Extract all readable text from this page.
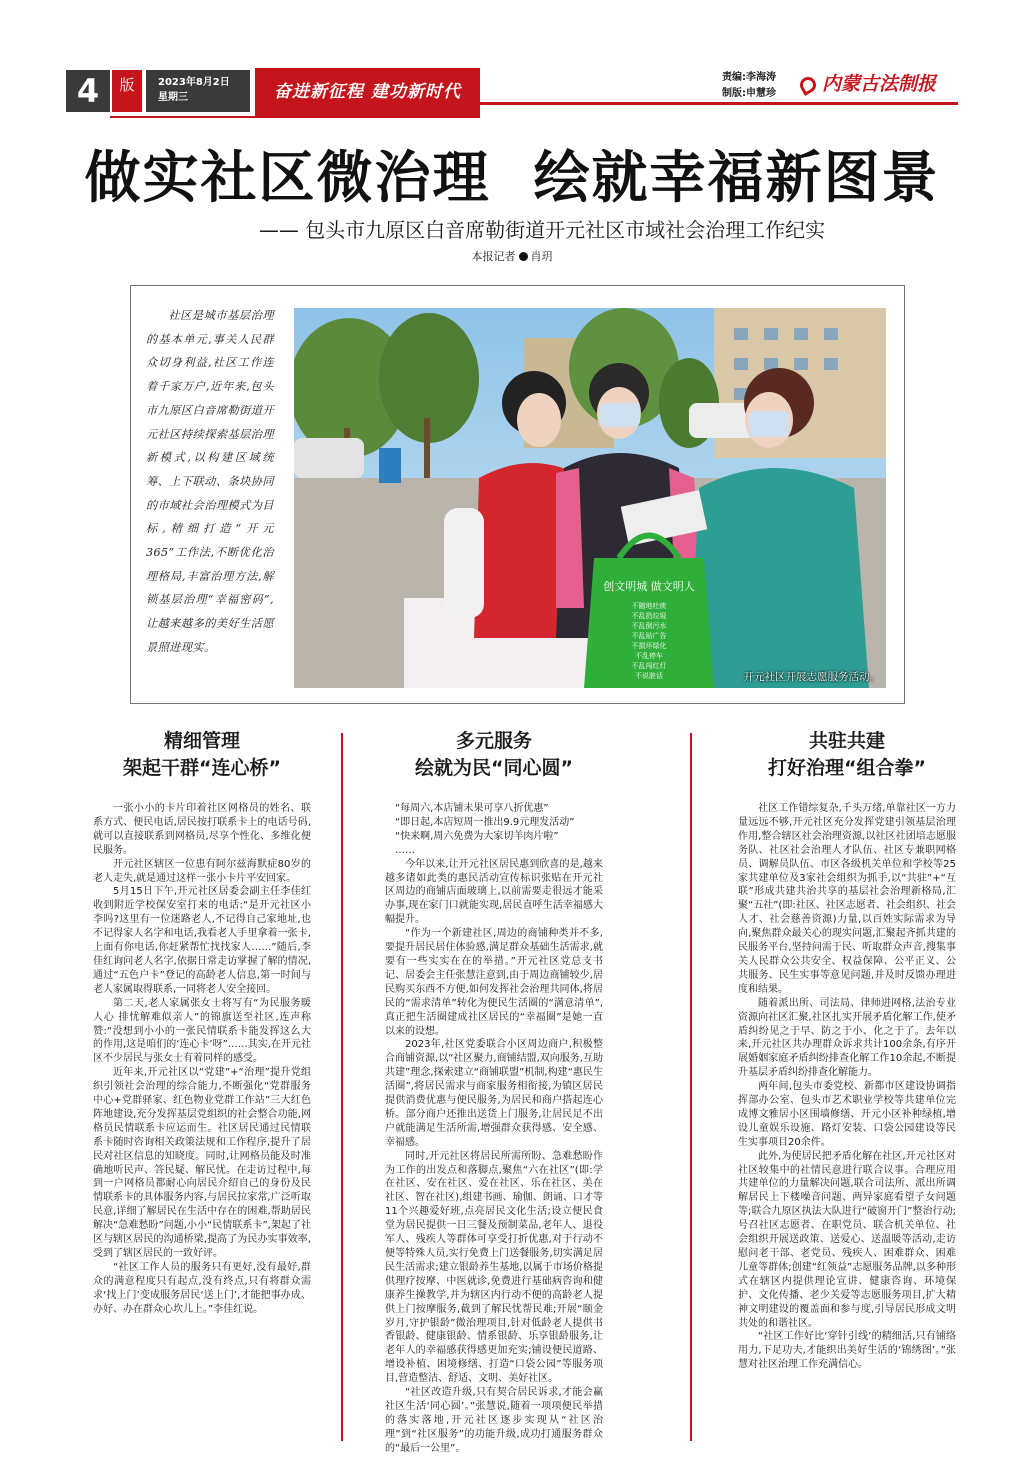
4	版	2023年8月2日
星期三	奋进新征程 建功新时代
责编:李海涛
制版:申慧珍	内蒙古法制报
做实社区微治理  绘就幸福新图景
—— 包头市九原区白音席勒街道开元社区市域社会治理工作纪实
本报记者 肖玥

社区是城市基层治理的基本单元,事关人民群众切身利益,社区工作连着千家万户,近年来,包头市九原区白音席勒街道开元社区持续探索基层治理新模式,以构建区域统筹、上下联动、条块协同的市域社会治理模式为目标,精细打造“开元365”工作法,不断优化治理格局,丰富治理方法,解锁基层治理“幸福密码”,让越来越多的美好生活愿景照进现实。

创文明城 做文明人
不随地吐痰
不乱扔垃圾
不乱倒污水
不乱贴广告
不损坏绿化
不乱停车
不乱闯红灯
不说脏话	开元社区开展志愿服务活动。
精细管理
架起干群“连心桥”

一张小小的卡片印着社区网格员的姓名、联系方式、便民电话,居民按打联系卡上的电话号码,就可以直接联系到网格员,尽享个性化、多维化便民服务。

开元社区辖区一位患有阿尔兹海默症80岁的老人走失,就是通过这样一张小卡片平安回家。

5月15日下午,开元社区居委会副主任李佳红收到附近学校保安室打来的电话:“是开元社区小李吗?这里有一位迷路老人,不记得自己家地址,也不记得家人名字和电话,我看老人手里拿着一张卡,上面有你电话,你赶紧帮忙找找家人……”随后,李佳红询问老人名字,依据日常走访掌握了解的情况,通过“五色户卡”登记的高龄老人信息,第一时间与老人家属取得联系,一同将老人安全接回。

第二天,老人家属张女士将写有“为民服务暖人心 排忧解难似亲人”的锦旗送至社区,连声称赞:“没想到小小的一张民情联系卡能发挥这么大的作用,这是咱们的‘连心卡’呀”……其实,在开元社区不少居民与张女士有着同样的感受。

近年来,开元社区以“党建”+“治理”提升党组织引领社会治理的综合能力,不断强化“党群服务中心+党群驿家、红色物业党群工作站”三大红色阵地建设,充分发挥基层党组织的社会整合功能,网格员民情联系卡应运而生。社区居民通过民情联系卡随时咨询相关政策法规和工作程序,提升了居民对社区信息的知晓度。同时,让网格员能及时准确地听民声、答民疑、解民忧。在走访过程中,每到一户网格员都耐心向居民介绍自己的身份及民情联系卡的具体服务内容,与居民拉家常,广泛听取民意,详细了解居民在生活中存在的困难,帮助居民解决“急难愁盼”问题,小小“民情联系卡”,架起了社区与辖区居民的沟通桥梁,提高了为民办实事效率,受到了辖区居民的一致好评。

“社区工作人员的服务只有更好,没有最好,群众的满意程度只有起点,没有终点,只有将群众需求‘找上门’变成服务居民‘送上门’,才能把事办成、办好、办在群众心坎儿上。”李佳红说。

多元服务
绘就为民“同心圆”

“每周六,本店铺未果可享八折优惠”

“即日起,本店短周一推出9.9元理发活动”

“快来啊,周六免费为大家切羊肉片啦”

……

今年以来,让开元社区居民惠到欣喜的是,越来越多诸如此类的惠民活动宣传标识张贴在开元社区周边的商铺店面玻璃上,以前需要走很远才能采办事,现在家门口就能实现,居民直呼生活幸福感大幅提升。

“作为一个新建社区,周边的商铺种类并不多,要提升居民居住体验感,满足群众基础生活需求,就要有一些实实在在的举措。”开元社区党总支书记、居委会主任张慧注意到,由于周边商铺较少,居民购买东西不方便,如何发挥社会治理共同体,将居民的“需求清单”转化为便民生活圈的“满意清单”,真正把生活圈建成社区居民的“幸福圈”是她一直以来的设想。

2023年,社区党委联合小区周边商户,积极整合商铺资源,以“社区聚力,商铺结盟,双向服务,互助共建”理念,探索建立“商铺联盟”机制,构建“惠民生活圈”,将居民需求与商家服务相衔接,为镇区居民提供消费优惠与便民服务,为居民和商户搭起连心桥。部分商户还推出送货上门服务,让居民足不出户就能满足生活所需,增强群众获得感、安全感、幸福感。

同时,开元社区将居民所需所盼、急难愁盼作为工作的出发点和落脚点,聚焦“六在社区”(即:学在社区、安在社区、爱在社区、乐在社区、美在社区、智在社区),组建书画、瑜伽、朗诵、口才等11个兴趣爱好班,点亮居民文化生活;设立便民食堂为居民提供一日三餐及预制菜品,老年人、退役军人、残疾人等群体可享受打折优惠,对于行动不便等特殊人员,实行免费上门送餐服务,切实满足居民生活需求;建立银龄养生基地,以属于市场价格提供理疗按摩、中医就诊,免费进行基础病咨询和健康养生操教学,并为辖区内行动不便的高龄老人提供上门按摩服务,截到了解民忧帮民难;开展“颐金岁月,守护银龄”微治理项目,针对低龄老人提供书香银龄、健康银龄、情系银龄、乐享银龄服务,让老年人的幸福感获得感更加充实;铺设便民道路、增设补植、困境修缮、打造“口袋公园”等服务项目,营造整洁、舒适、文明、美好社区。

“社区改造升级,只有契合居民诉求,才能会赢社区生活‘同心圆’。”张慧说,随着一项项便民举措的落实落地,开元社区逐步实现从“社区治理”到“社区服务”的功能升级,成功打通服务群众的“最后一公里”。

共驻共建
打好治理“组合拳”

社区工作错综复杂,千头万绪,单靠社区一方力量远远不够,开元社区充分发挥党建引领基层治理作用,整合辖区社会治理资源,以社区社团培志愿服务队、社区社会治理人才队伍、社区专兼职网格员、调解员队伍、市区各级机关单位和学校等25家共建单位及3家社会组织为抓手,以“共驻”+“互联”形成共建共治共享的基层社会治理新格局,汇聚“五社”(即:社区、社区志愿者、社会组织、社会人才、社会慈善资源)力量,以百姓实际需求为导向,聚焦群众最关心的现实问题,汇聚起齐抓共建的民服务平台,坚持问需于民、听取群众声音,搜集事关人民群众公共安全、权益保障、公平正义、公共服务、民生实事等意见问题,并及时反馈办理进度和结果。

随着派出所、司法局、律师进网格,法治专业资源向社区汇聚,社区扎实开展矛盾化解工作,使矛盾纠纷见之于早、防之于小、化之于了。去年以来,开元社区共办理群众诉求共计100余条,有序开展婚姻家庭矛盾纠纷排查化解工作10余起,不断提升基层矛盾纠纷排查化解能力。

两年间,包头市委党校、新都市区建设协调指挥部办公室、包头市艺术职业学校等共建单位完成博文雅居小区围墙修缮、开元小区补种绿植,增设儿童娱乐设施、路灯安装、口袋公园建设等民生实事项目20余件。

此外,为使居民把矛盾化解在社区,开元社区对社区较集中的社情民意进行联合议事。合理应用共建单位的力量解决问题,联合司法所、派出所调解居民上下楼噪音问题、两异家庭看望子女问题等;联合九原区执法大队进行“破窗开门”整治行动;号召社区志愿者、在职党员、联合机关单位、社会组织开展送政策、送爱心、送温暖等活动,走访慰问老干部、老党员、残疾人、困难群众、困难儿童等群体;创建“红领益”志愿服务品牌,以多种形式在辖区内提供理论宣讲、健康咨询、环境保护、文化传播、老少关爱等志愿服务项目,扩大精神文明建设的覆盖面和参与度,引导居民形成文明共处的和谐社区。

“社区工作好比‘穿针引线’的精细活,只有铺络用力,下足功夫,才能织出美好生活的‘锦绣图’。”张慧对社区治理工作充满信心。
